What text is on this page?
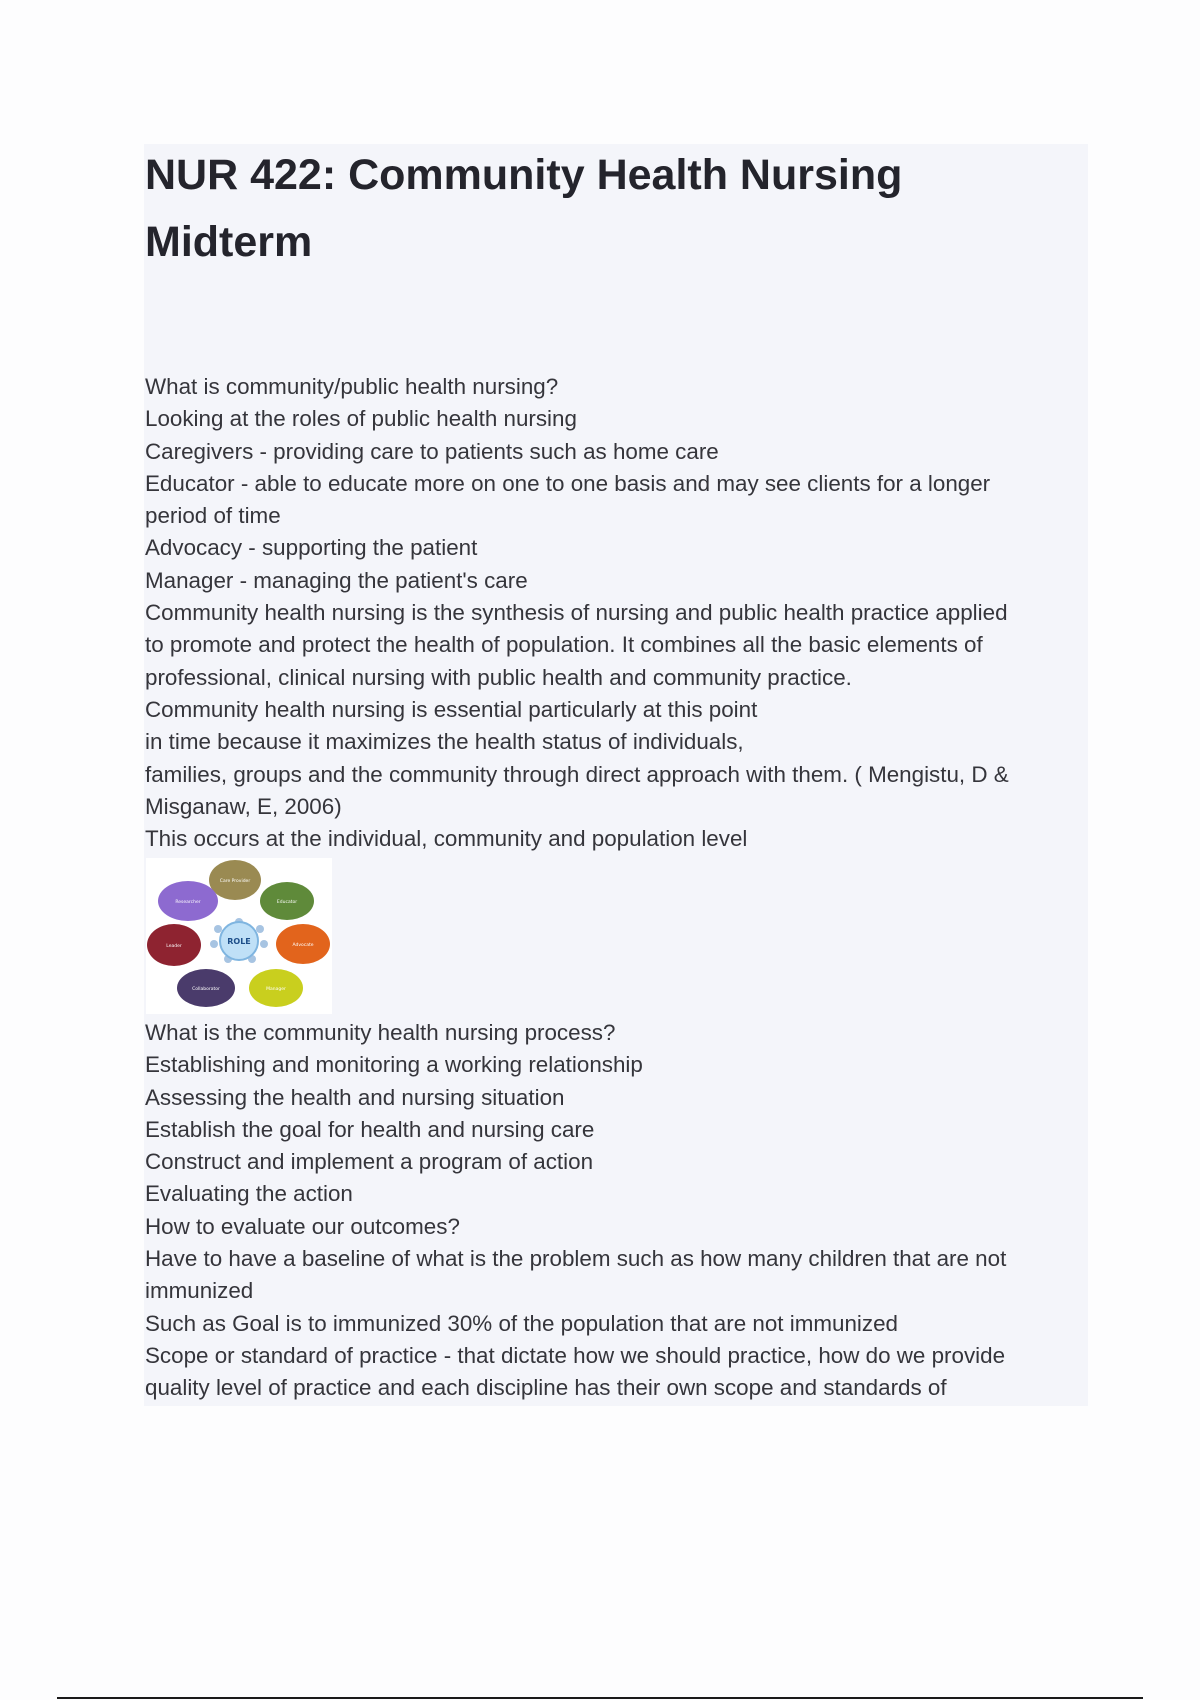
NUR 422: Community Health Nursing Midterm
What is community/public health nursing?
Looking at the roles of public health nursing
Caregivers - providing care to patients such as home care
Educator - able to educate more on one to one basis and may see clients for a longer
period of time
Advocacy - supporting the patient
Manager - managing the patient's care
Community health nursing is the synthesis of nursing and public health practice applied
to promote and protect the health of population. It combines all the basic elements of
professional, clinical nursing with public health and community practice.
Community health nursing is essential particularly at this point
in time because it maximizes the health status of individuals,
families, groups and the community through direct approach with them. ( Mengistu, D &
Misganaw, E, 2006)
This occurs at the individual, community and population level
ROLE
Care Provider
Educator
Advocate
Manager
Collaborator
Leader
Researcher
What is the community health nursing process?
Establishing and monitoring a working relationship
Assessing the health and nursing situation
Establish the goal for health and nursing care
Construct and implement a program of action
Evaluating the action
How to evaluate our outcomes?
Have to have a baseline of what is the problem such as how many children that are not
immunized
Such as Goal is to immunized 30% of the population that are not immunized
Scope or standard of practice - that dictate how we should practice, how do we provide
quality level of practice and each discipline has their own scope and standards of
